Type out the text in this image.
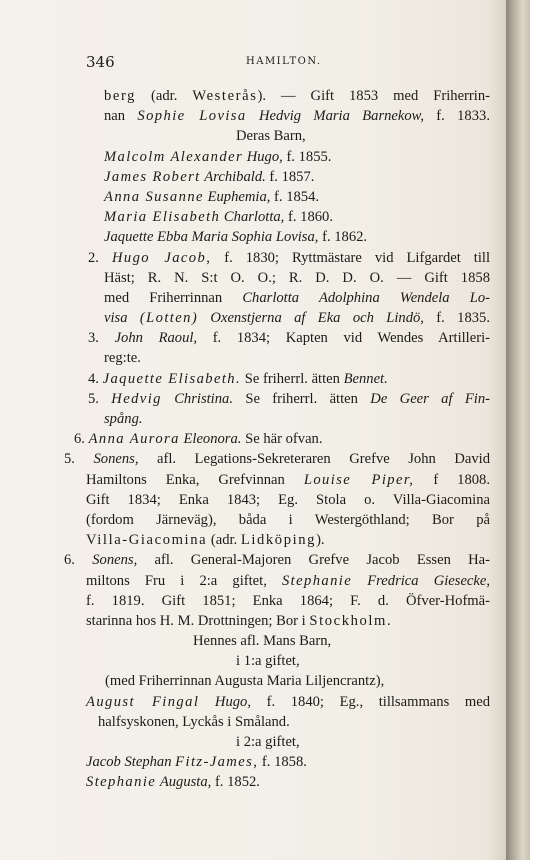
346	HAMILTON.
berg (adr. Westerås). — Gift 1853 med Friherrin-
nan Sophie Lovisa Hedvig Maria Barnekow, f. 1833.
Deras Barn,
Malcolm Alexander Hugo, f. 1855.
James Robert Archibald. f. 1857.
Anna Susanne Euphemia, f. 1854.
Maria Elisabeth Charlotta, f. 1860.
Jaquette Ebba Maria Sophia Lovisa, f. 1862.
2. Hugo Jacob, f. 1830; Ryttmästare vid Lifgardet till
Häst; R. N. S:t O. O.; R. D. D. O. — Gift 1858
med Friherrinnan Charlotta Adolphina Wendela Lo-
visa (Lotten) Oxenstjerna af Eka och Lindö, f. 1835.
3. John Raoul, f. 1834; Kapten vid Wendes Artilleri-
reg:te.
4. Jaquette Elisabeth. Se friherrl. ätten Bennet.
5. Hedvig Christina. Se friherrl. ätten De Geer af Fin-
spång.
6. Anna Aurora Eleonora. Se här ofvan.
5. Sonens, afl. Legations-Sekreteraren Grefve John David
Hamiltons Enka, Grefvinnan Louise Piper, f 1808.
Gift 1834; Enka 1843; Eg. Stola o. Villa-Giacomina
(fordom Järneväg), båda i Westergöthland; Bor på
Villa-Giacomina (adr. Lidköping).
6. Sonens, afl. General-Majoren Grefve Jacob Essen Ha-
miltons Fru i 2:a giftet, Stephanie Fredrica Giesecke,
f. 1819. Gift 1851; Enka 1864; F. d. Öfver-Hofmä-
starinna hos H. M. Drottningen; Bor i Stockholm.
Hennes afl. Mans Barn,
i 1:a giftet,
(med Friherrinnan Augusta Maria Liljencrantz),
August Fingal Hugo, f. 1840; Eg., tillsammans med
halfsyskonen, Lyckås i Småland.
i 2:a giftet,
Jacob Stephan Fitz-James, f. 1858.
Stephanie Augusta, f. 1852.
